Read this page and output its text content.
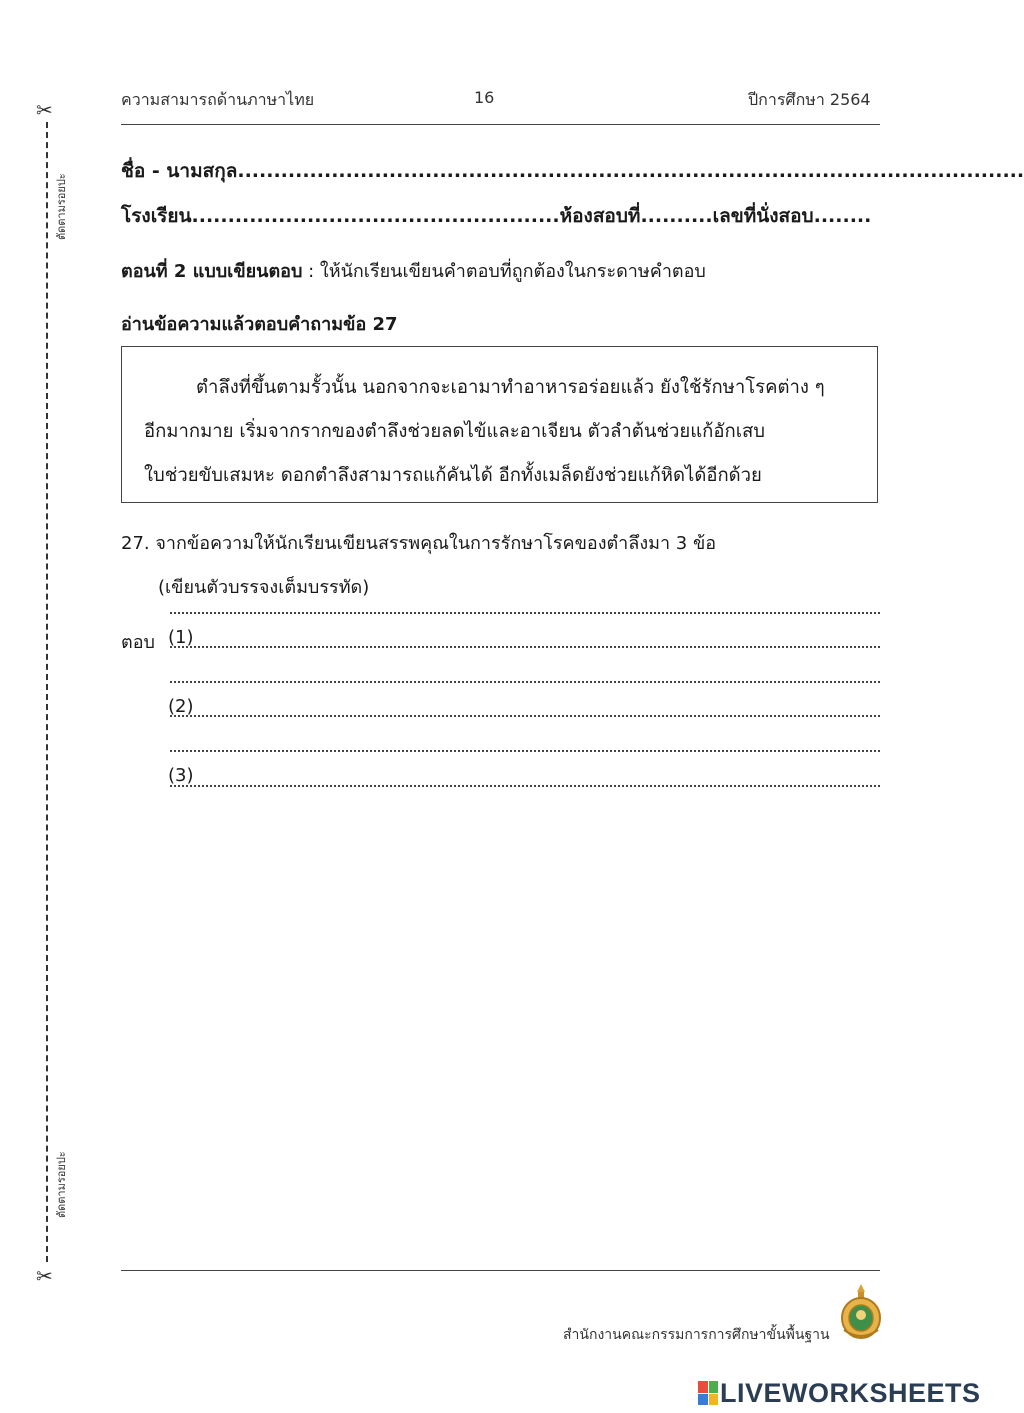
✂
ตัดตามรอยปะ
ตัดตามรอยปะ
✂
ความสามารถด้านภาษาไทย	16	ปีการศึกษา 2564
ชื่อ - นามสกุล.............................................................................................................
โรงเรียน...................................................ห้องสอบที่..........เลขที่นั่งสอบ........
ตอนที่ 2 แบบเขียนตอบ : ให้นักเรียนเขียนคำตอบที่ถูกต้องในกระดาษคำตอบ
อ่านข้อความแล้วตอบคำถามข้อ 27
ตำลึงที่ขึ้นตามรั้วนั้น นอกจากจะเอามาทำอาหารอร่อยแล้ว ยังใช้รักษาโรคต่าง ๆ
อีกมากมาย เริ่มจากรากของตำลึงช่วยลดไข้และอาเจียน ตัวลำต้นช่วยแก้อักเสบ
ใบช่วยขับเสมหะ ดอกตำลึงสามารถแก้คันได้ อีกทั้งเมล็ดยังช่วยแก้หิดได้อีกด้วย
27. จากข้อความให้นักเรียนเขียนสรรพคุณในการรักษาโรคของตำลึงมา 3 ข้อ
(เขียนตัวบรรจงเต็มบรรทัด)
ตอบ (1)
(2)
(3)
สำนักงานคณะกรรมการการศึกษาขั้นพื้นฐาน
LIVEWORKSHEETS
